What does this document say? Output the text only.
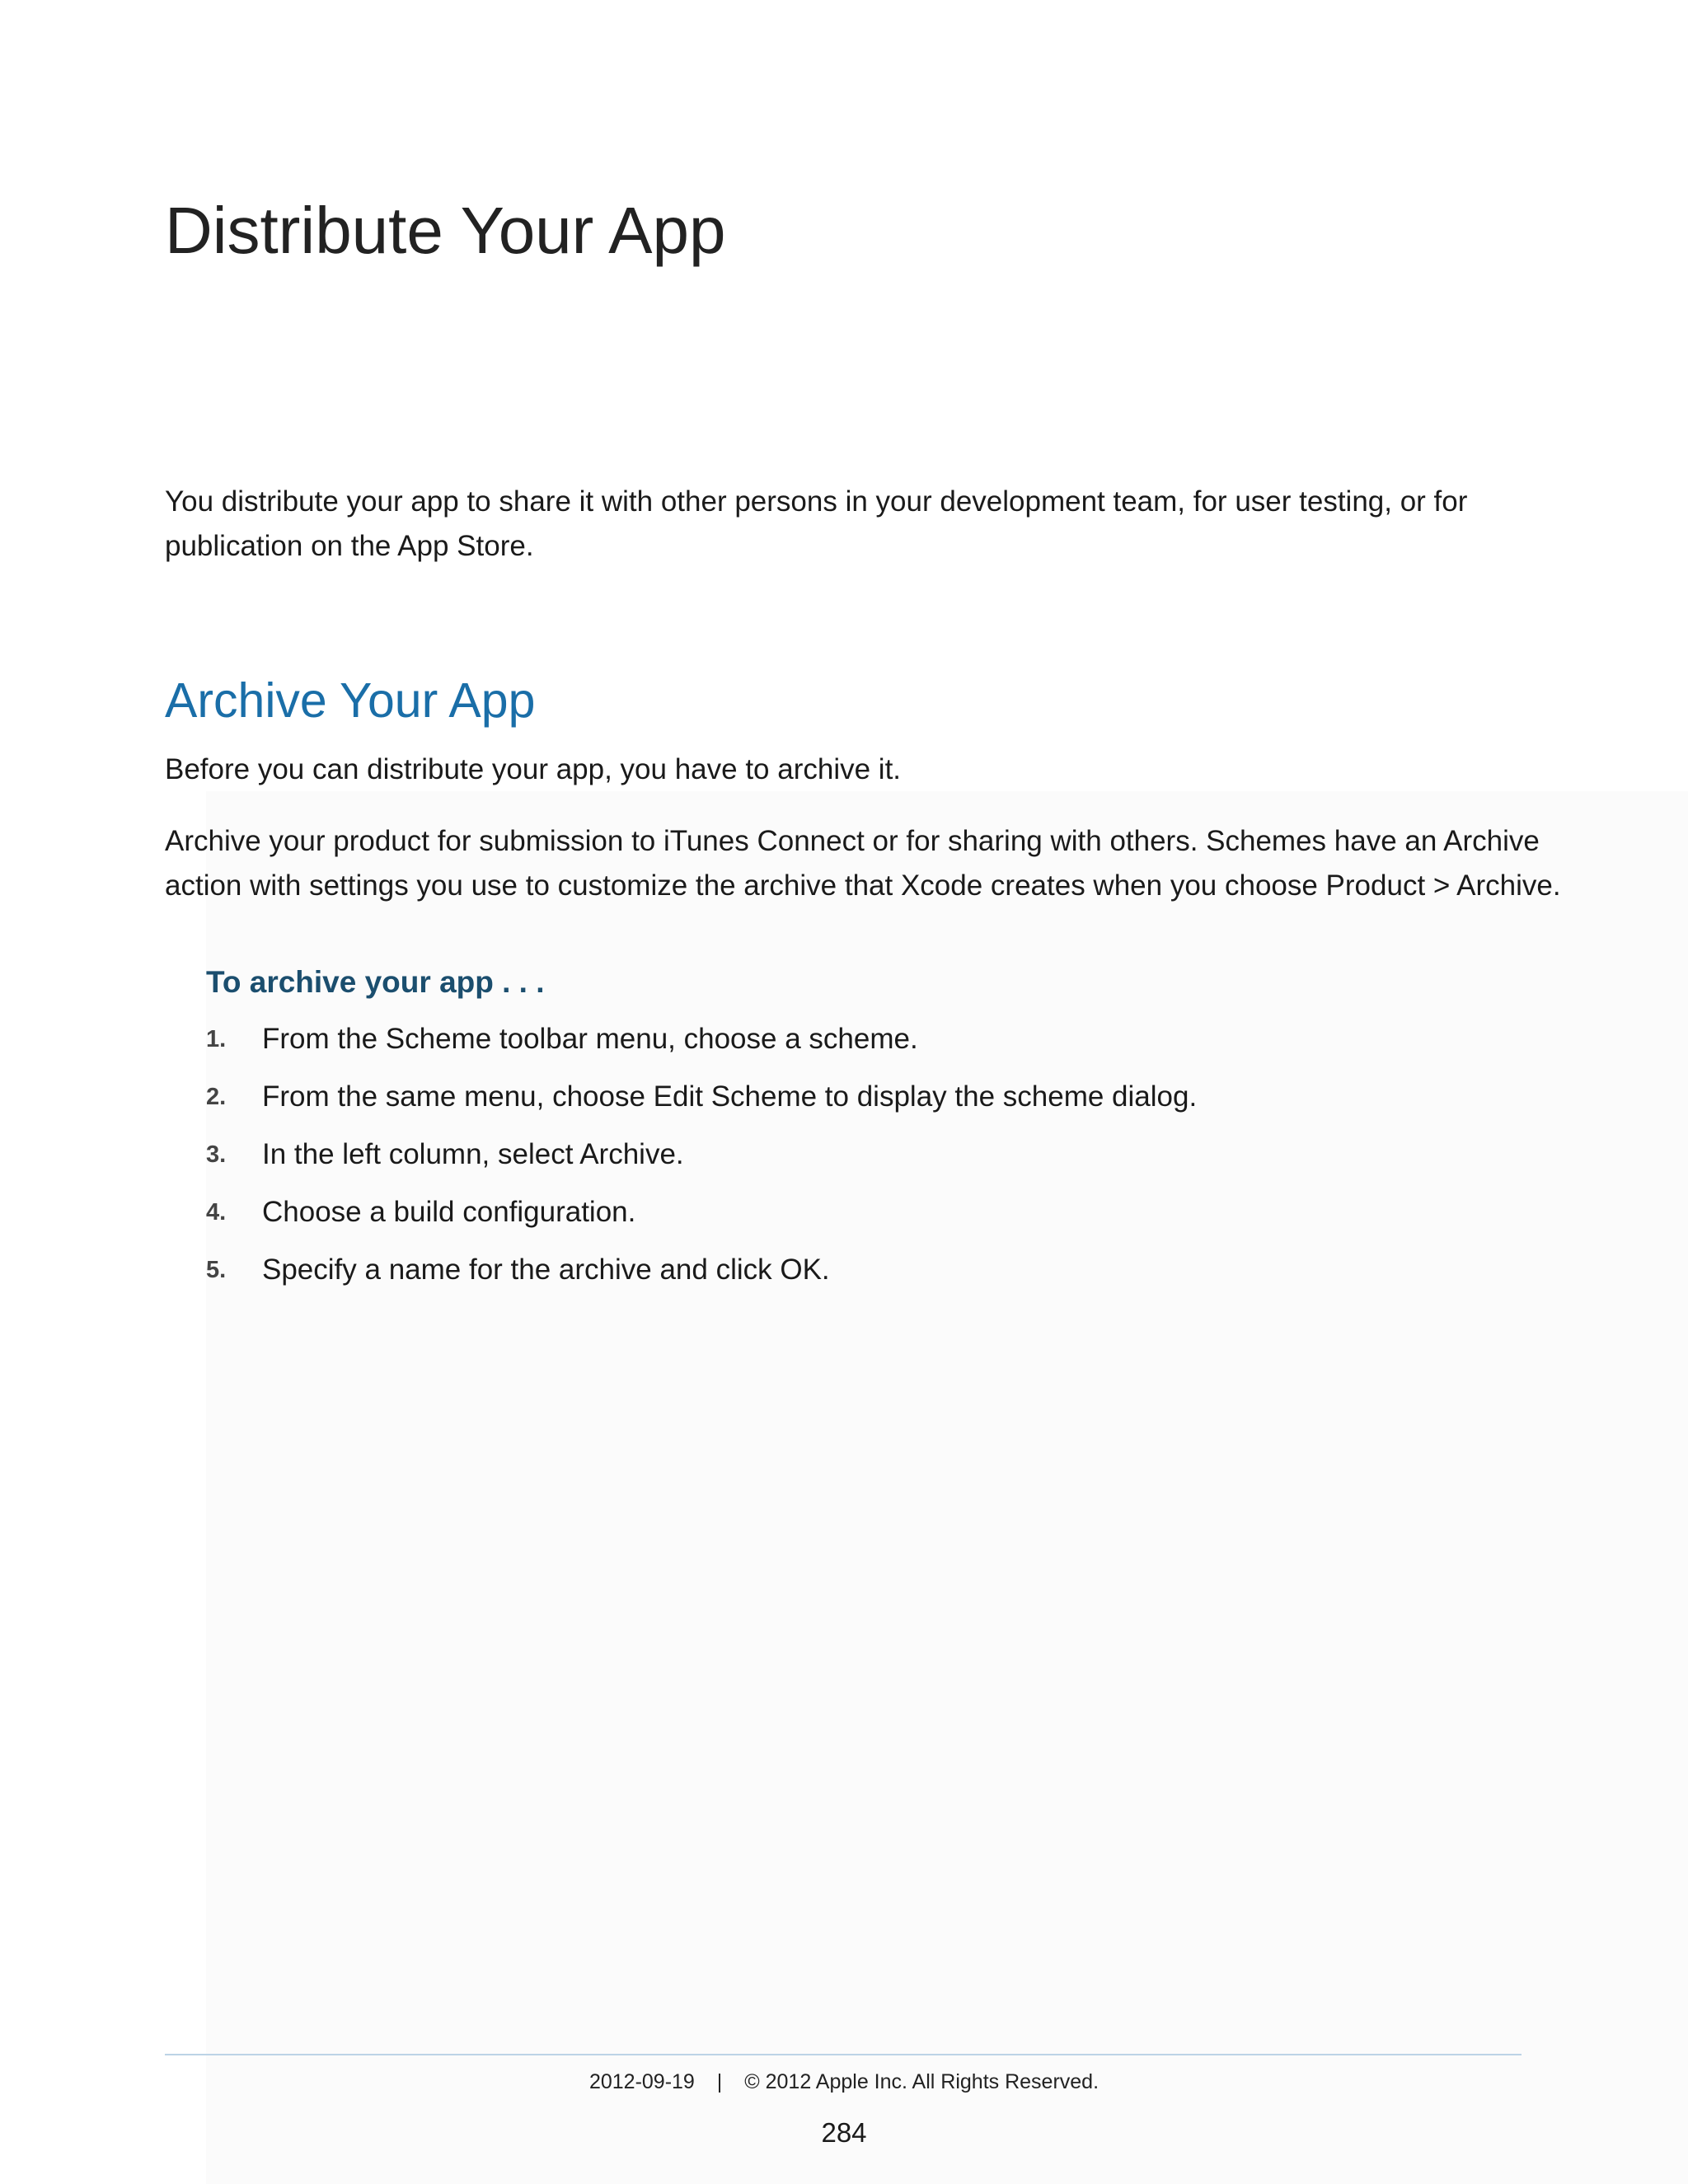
Distribute Your App

You distribute your app to share it with other persons in your development team, for user testing, or for publication on the App Store.

Archive Your App

Before you can distribute your app, you have to archive it.

Archive your product for submission to iTunes Connect or for sharing with others. Schemes have an Archive action with settings you use to customize the archive that Xcode creates when you choose Product > Archive.

To archive your app . . .
1. From the Scheme toolbar menu, choose a scheme.
2. From the same menu, choose Edit Scheme to display the scheme dialog.
3. In the left column, select Archive.
4. Choose a build configuration.
5. Specify a name for the archive and click OK.
2012-09-19 | © 2012 Apple Inc. All Rights Reserved.
284
